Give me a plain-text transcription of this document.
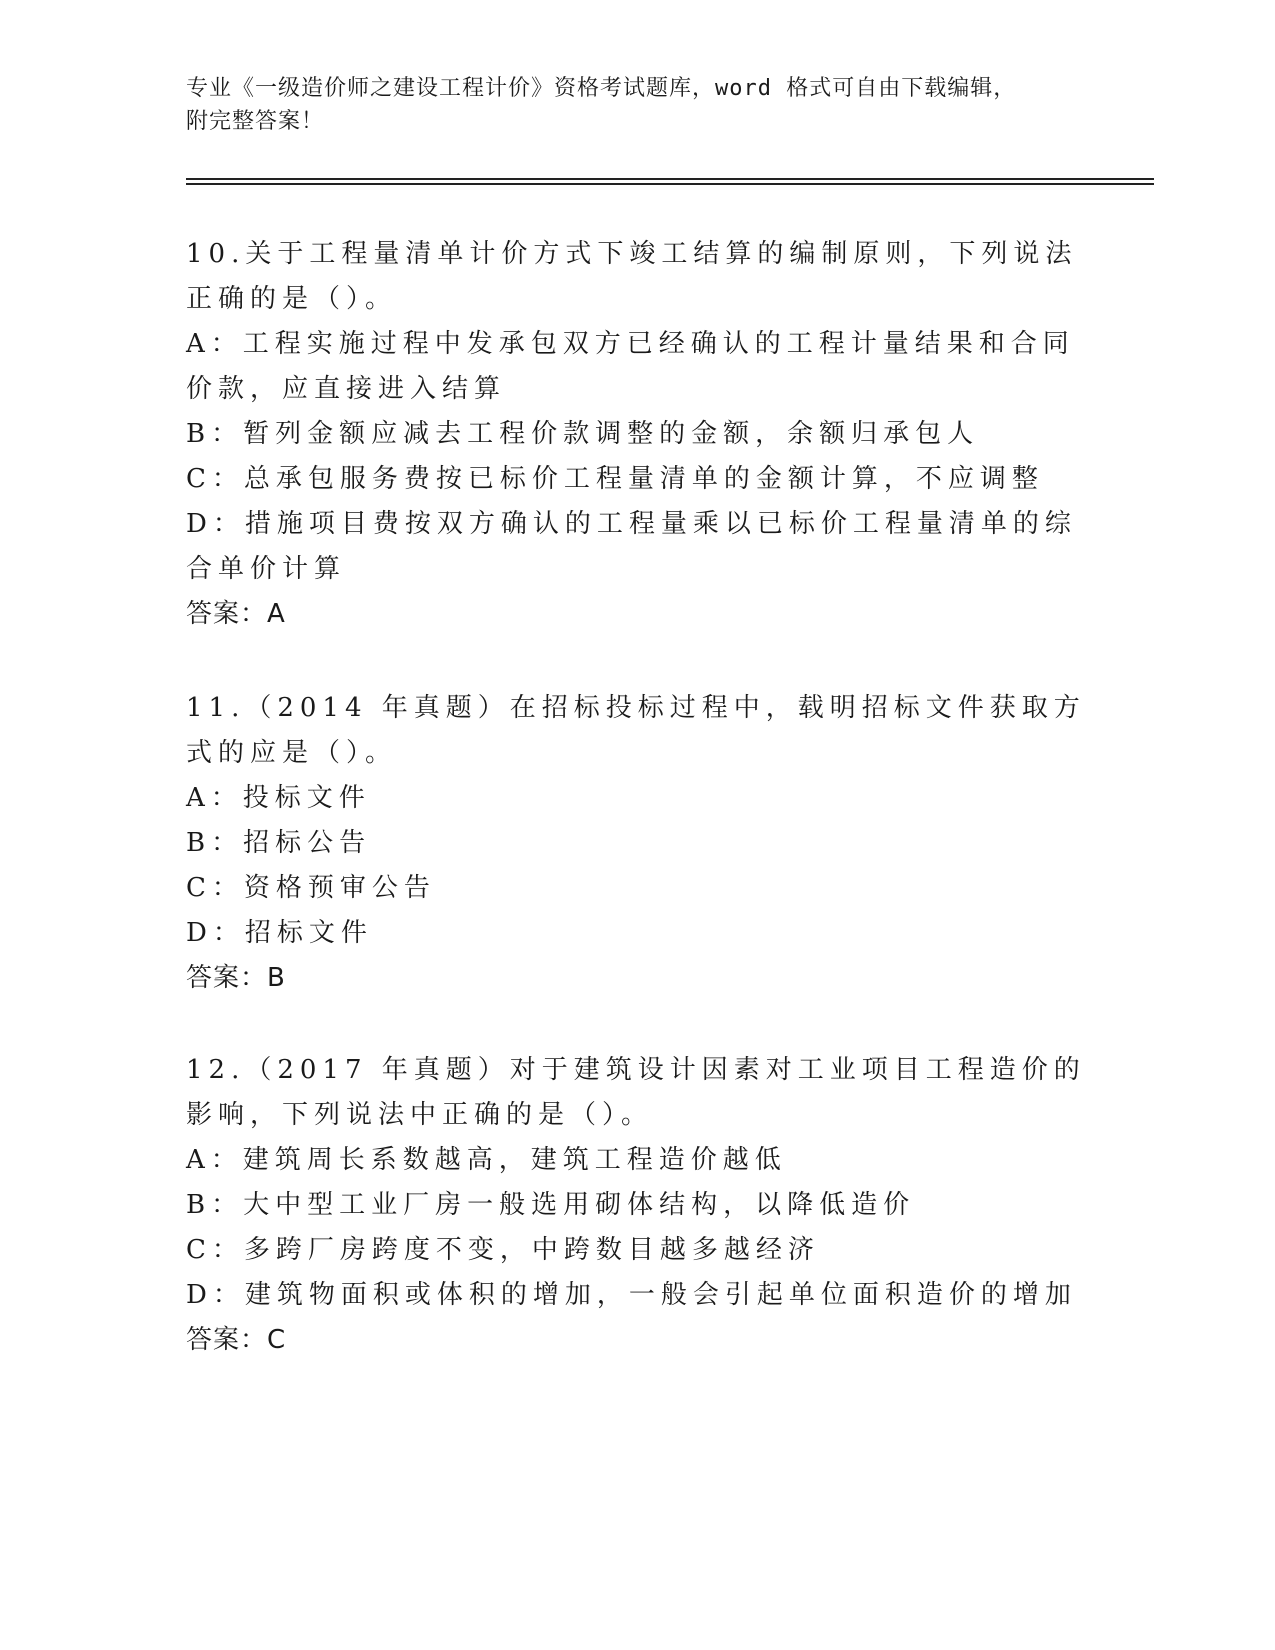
专业《一级造价师之建设工程计价》资格考试题库，word 格式可自由下载编辑，
附完整答案！

10.关于工程量清单计价方式下竣工结算的编制原则，下列说法正确的是（）。

A：工程实施过程中发承包双方已经确认的工程计量结果和合同价款，应直接进入结算

B：暂列金额应减去工程价款调整的金额，余额归承包人

C：总承包服务费按已标价工程量清单的金额计算，不应调整

D：措施项目费按双方确认的工程量乘以已标价工程量清单的综合单价计算

答案：A

11.（2014 年真题）在招标投标过程中，载明招标文件获取方式的应是（）。

A：投标文件

B：招标公告

C：资格预审公告

D：招标文件

答案：B

12.（2017 年真题）对于建筑设计因素对工业项目工程造价的影响，下列说法中正确的是（）。

A：建筑周长系数越高，建筑工程造价越低

B：大中型工业厂房一般选用砌体结构，以降低造价

C：多跨厂房跨度不变，中跨数目越多越经济

D：建筑物面积或体积的增加，一般会引起单位面积造价的增加

答案：C
